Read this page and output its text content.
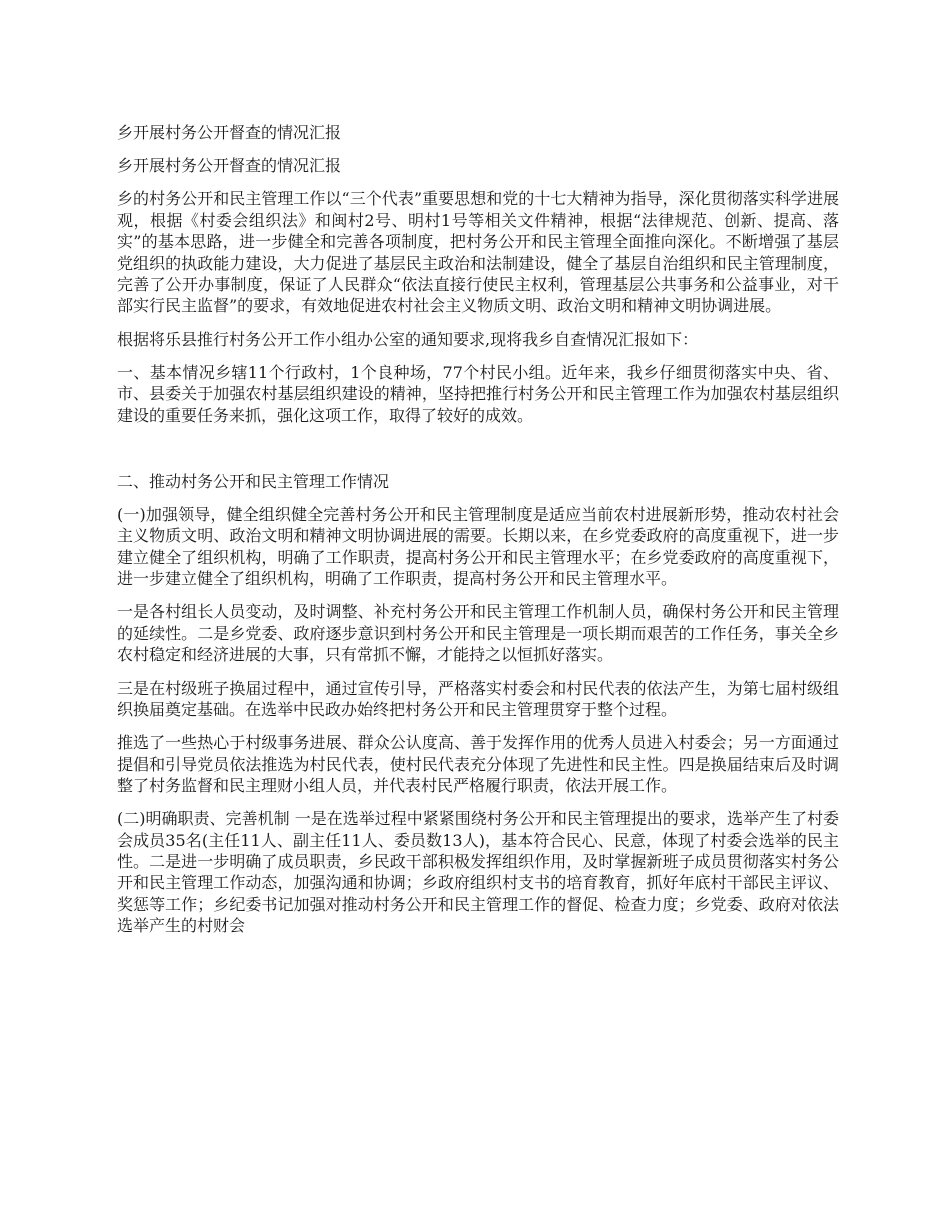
乡开展村务公开督查的情况汇报

乡开展村务公开督查的情况汇报

乡的村务公开和民主管理工作以“三个代表”重要思想和党的十七大精神为指导，深化贯彻落实科学进展观，根据《村委会组织法》和闽村2号、明村1号等相关文件精神，根据“法律规范、创新、提高、落实”的基本思路，进一步健全和完善各项制度，把村务公开和民主管理全面推向深化。不断增强了基层党组织的执政能力建设，大力促进了基层民主政治和法制建设，健全了基层自治组织和民主管理制度，完善了公开办事制度，保证了人民群众“依法直接行使民主权利，管理基层公共事务和公益事业，对干部实行民主监督”的要求，有效地促进农村社会主义物质文明、政治文明和精神文明协调进展。

根据将乐县推行村务公开工作小组办公室的通知要求,现将我乡自查情况汇报如下：

一、基本情况乡辖11个行政村，1个良种场，77个村民小组。近年来，我乡仔细贯彻落实中央、省、市、县委关于加强农村基层组织建设的精神，坚持把推行村务公开和民主管理工作为加强农村基层组织建设的重要任务来抓，强化这项工作，取得了较好的成效。

二、推动村务公开和民主管理工作情况

(一)加强领导，健全组织健全完善村务公开和民主管理制度是适应当前农村进展新形势，推动农村社会主义物质文明、政治文明和精神文明协调进展的需要。长期以来，在乡党委政府的高度重视下，进一步建立健全了组织机构，明确了工作职责，提高村务公开和民主管理水平；在乡党委政府的高度重视下，进一步建立健全了组织机构，明确了工作职责，提高村务公开和民主管理水平。

一是各村组长人员变动，及时调整、补充村务公开和民主管理工作机制人员，确保村务公开和民主管理的延续性。二是乡党委、政府逐步意识到村务公开和民主管理是一项长期而艰苦的工作任务，事关全乡农村稳定和经济进展的大事，只有常抓不懈，才能持之以恒抓好落实。

三是在村级班子换届过程中，通过宣传引导，严格落实村委会和村民代表的依法产生，为第七届村级组织换届奠定基础。在选举中民政办始终把村务公开和民主管理贯穿于整个过程。

推选了一些热心于村级事务进展、群众公认度高、善于发挥作用的优秀人员进入村委会；另一方面通过提倡和引导党员依法推选为村民代表，使村民代表充分体现了先进性和民主性。四是换届结束后及时调整了村务监督和民主理财小组人员，并代表村民严格履行职责，依法开展工作。

(二)明确职责、完善机制 一是在选举过程中紧紧围绕村务公开和民主管理提出的要求，选举产生了村委会成员35名(主任11人、副主任11人、委员数13人)，基本符合民心、民意，体现了村委会选举的民主性。二是进一步明确了成员职责，乡民政干部积极发挥组织作用，及时掌握新班子成员贯彻落实村务公开和民主管理工作动态，加强沟通和协调；乡政府组织村支书的培育教育，抓好年底村干部民主评议、奖惩等工作；乡纪委书记加强对推动村务公开和民主管理工作的督促、检查力度；乡党委、政府对依法选举产生的村财会
